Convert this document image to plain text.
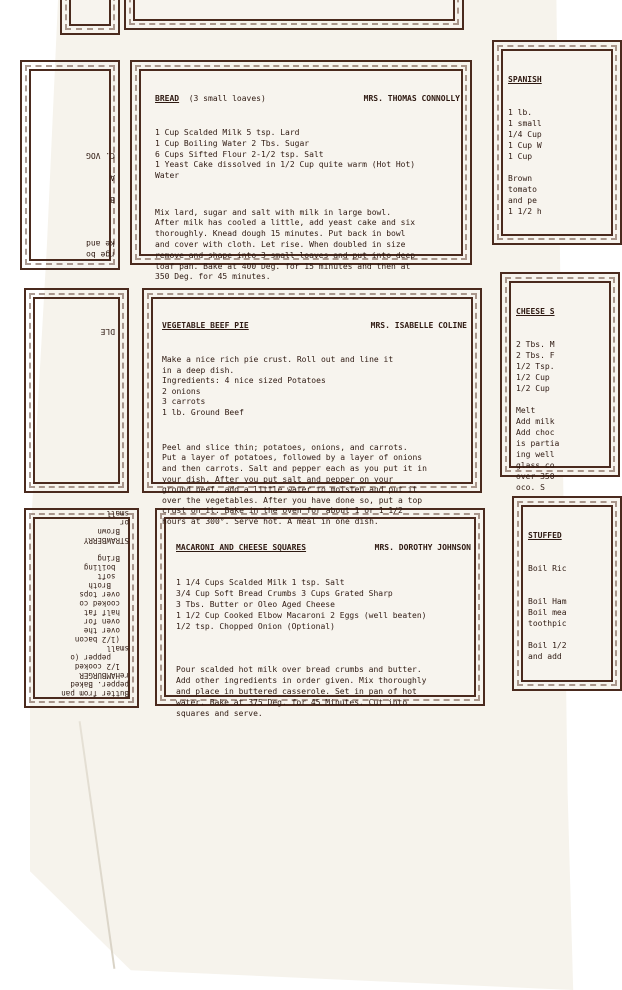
BREAD (3 small loaves)	MRS. THOMAS CONNOLLY

1 Cup Scalded Milk 5 tsp. Lard
1 Cup Boiling Water 2 Tbs. Sugar
6 Cups Sifted Flour 2-1/2 tsp. Salt
1 Yeast Cake dissolved in 1/2 Cup quite warm (Hot Hot)
Water

Mix lard, sugar and salt with milk in large bowl.
After milk has cooled a little, add yeast cake and six
thoroughly. Knead dough 15 minutes. Put back in bowl
and cover with cloth. Let rise. When doubled in size
remove and shape into 3 small loaves and put into deep
loaf pan. Bake at 400 Deg. for 15 minutes and then at
350 Deg. for 45 minutes.

VEGETABLE BEEF PIE	MRS. ISABELLE COLINE

Make a nice rich pie crust. Roll out and line it
in a deep dish.
Ingredients: 4 nice sized Potatoes
2 onions
3 carrots
1 lb. Ground Beef

Peel and slice thin; potatoes, onions, and carrots.
Put a layer of potatoes, followed by a layer of onions
and then carrots. Salt and pepper each as you put it in
your dish. After you put salt and pepper on your
ground beef, add a little water to moisten and put it
over the vegetables. After you have done so, put a top
crust on it. Bake in the oven for about 1 or 1 1/2
hours at 300°. Serve hot. A meal in one dish.

MACARONI AND CHEESE SQUARES	MRS. DOROTHY JOHNSON

1 1/4 Cups Scalded Milk 1 tsp. Salt
3/4 Cup Soft Bread Crumbs 3 Cups Grated Sharp
3 Tbs. Butter or Oleo Aged Cheese
1 1/2 Cup Cooked Elbow Macaroni 2 Eggs (well beaten)
1/2 tsp. Chopped Onion (Optional)

Pour scalded hot milk over bread crumbs and butter.
Add other ingredients in order given. Mix thoroughly
and place in buttered casserole. Set in pan of hot
water. Bake at 375 Deg. for 45 Minutes. Cut into
squares and serve.

SPANISH

1 lb.
1 small
1/4 Cup
1 Cup W
1 Cup

Brown
tomato
and pe
1 1/2 h

CHEESE S

2 Tbs. M
2 Tbs. F
1/2 Tsp.
1/2 Cup
1/2 Cup

Melt
Add milk
Add choc
is partia
ing well
glass co
over 350
oco. S

STUFFED

Boil Ric

Boil Ham
Boil mea
toothpic

Boil 1/2
and add

DLE

rge bo
ke and

B

A

C. VOG
Butter from pan
pepper. Baked
reHAMBURGER
1/2 cooked
pepper (o
small
(1/2 bacon
over the
oven for
half fat
cooked co
over tops
Broth
soft
boiling
Bring

STRAWBERRY
Brown
or
small
